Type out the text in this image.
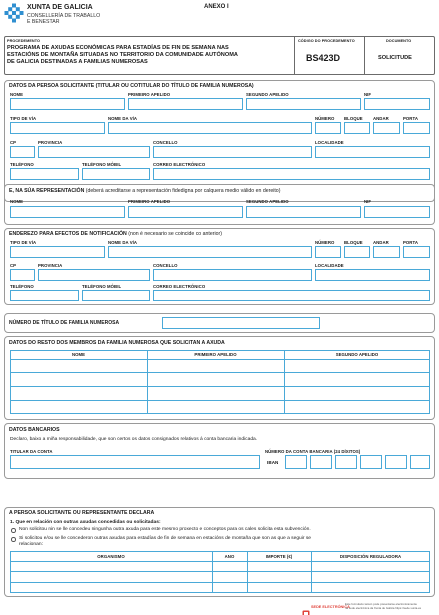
XUNTA DE GALICIA
CONSELLERÍA DE TRABALLO
E BENESTAR
ANEXO I
PROCEDEMENTO
PROGRAMA DE AXUDAS ECONÓMICAS PARA ESTADÍAS DE FIN DE SEMANA NAS
ESTACIÓNS DE MONTAÑA SITUADAS NO TERRITORIO DA COMUNIDADE AUTÓNOMA
DE GALICIA DESTINADAS A FAMILIAS NUMEROSAS
CÓDIGO DO PROCEDEMENTO
BS423D
DOCUMENTO
SOLICITUDE
DATOS DA PERSOA SOLICITANTE (TITULAR OU COTITULAR DO TÍTULO DE FAMILIA NUMEROSA)
NOME	PRIMEIRO APELIDO	SEGUNDO APELIDO	NIF
TIPO DE VÍA	NOME DA VÍA	NÚMERO BLOQUE ANDAR	PORTA
CP	PROVINCIA	CONCELLO	LOCALIDADE
TELÉFONO	TELÉFONO MÓBIL	CORREO ELECTRÓNICO
E, NA SÚA REPRESENTACIÓN (deberá acreditarse a representación fidedigna por calquera medio válido en dereito)
NOME	PRIMEIRO APELIDO	SEGUNDO APELIDO	NIF
ENDEREZO PARA EFECTOS DE NOTIFICACIÓN (non é necesario se coincide co anterior)
TIPO DE VÍA	NOME DA VÍA	NÚMERO BLOQUE ANDAR	PORTA
CP	PROVINCIA	CONCELLO	LOCALIDADE
TELÉFONO	TELÉFONO MÓBIL	CORREO ELECTRÓNICO
NÚMERO DE TÍTULO DE FAMILIA NUMEROSA
DATOS DO RESTO DOS MEMBROS DA FAMILIA NUMEROSA QUE SOLICITAN A AXUDA
NOME	PRIMEIRO APELIDO	SEGUNDO APELIDO
DATOS BANCARIOS
Declaro, baixo a miña responsabilidade, que son certos os datos consignados relativos á conta bancaria indicada.
TITULAR DA CONTA	NÚMERO DA CONTA BANCARIA (24 DÍXITOS)
IBAN
A PERSOA SOLICITANTE OU REPRESENTANTE DECLARA
1. Que en relación con outras axudas concedidas ou solicitadas:
Non solicitou nin se lle concedeu ningunha outra axuda para este mesmo proxecto e conceptos para os cales solicita esta subvención.
Si solicitou e/ou se lle concederon outras axudas para estadías de fin de semana en estacións de montaña que son as que a seguir se
relacionan:
ORGANISMO	ANO	IMPORTE (€)	DISPOSICIÓN REGULADORA
SEDE ELECTRÓNICA
Este formulario tamén pode presentarse electronicamente
na sede electrónica da Xunta de Galicia https://sede.xunta.es
